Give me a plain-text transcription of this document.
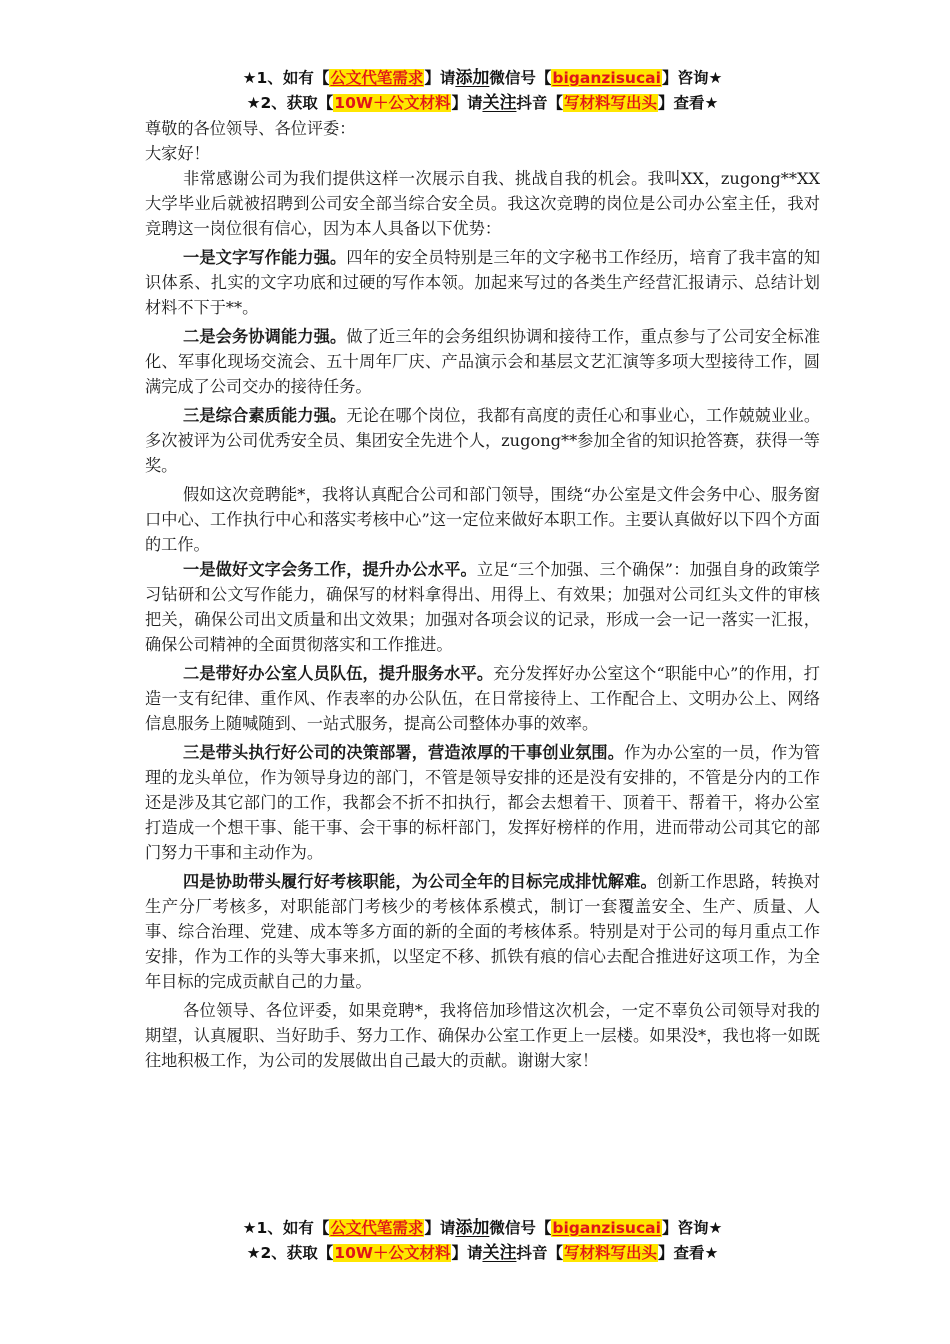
★1、如有【公文代笔需求】请添加微信号【biganzisucai】咨询★
★2、获取【10W＋公文材料】请关注抖音【写材料写出头】查看★

尊敬的各位领导、各位评委：

大家好！

非常感谢公司为我们提供这样一次展示自我、挑战自我的机会。我叫XX，zugong**XX大学毕业后就被招聘到公司安全部当综合安全员。我这次竞聘的岗位是公司办公室主任，我对竞聘这一岗位很有信心，因为本人具备以下优势：

一是文字写作能力强。四年的安全员特别是三年的文字秘书工作经历，培育了我丰富的知识体系、扎实的文字功底和过硬的写作本领。加起来写过的各类生产经营汇报请示、总结计划材料不下于**。

二是会务协调能力强。做了近三年的会务组织协调和接待工作，重点参与了公司安全标准化、军事化现场交流会、五十周年厂庆、产品演示会和基层文艺汇演等多项大型接待工作，圆满完成了公司交办的接待任务。

三是综合素质能力强。无论在哪个岗位，我都有高度的责任心和事业心，工作兢兢业业。多次被评为公司优秀安全员、集团安全先进个人，zugong**参加全省的知识抢答赛，获得一等奖。

假如这次竞聘能*，我将认真配合公司和部门领导，围绕“办公室是文件会务中心、服务窗口中心、工作执行中心和落实考核中心”这一定位来做好本职工作。主要认真做好以下四个方面的工作。

一是做好文字会务工作，提升办公水平。立足“三个加强、三个确保”：加强自身的政策学习钻研和公文写作能力，确保写的材料拿得出、用得上、有效果；加强对公司红头文件的审核把关，确保公司出文质量和出文效果；加强对各项会议的记录，形成一会一记一落实一汇报，确保公司精神的全面贯彻落实和工作推进。

二是带好办公室人员队伍，提升服务水平。充分发挥好办公室这个“职能中心”的作用，打造一支有纪律、重作风、作表率的办公队伍，在日常接待上、工作配合上、文明办公上、网络信息服务上随喊随到、一站式服务，提高公司整体办事的效率。

三是带头执行好公司的决策部署，营造浓厚的干事创业氛围。作为办公室的一员，作为管理的龙头单位，作为领导身边的部门，不管是领导安排的还是没有安排的，不管是分内的工作还是涉及其它部门的工作，我都会不折不扣执行，都会去想着干、顶着干、帮着干，将办公室打造成一个想干事、能干事、会干事的标杆部门，发挥好榜样的作用，进而带动公司其它的部门努力干事和主动作为。

四是协助带头履行好考核职能，为公司全年的目标完成排忧解难。创新工作思路，转换对生产分厂考核多，对职能部门考核少的考核体系模式，制订一套覆盖安全、生产、质量、人事、综合治理、党建、成本等多方面的新的全面的考核体系。特别是对于公司的每月重点工作安排，作为工作的头等大事来抓，以坚定不移、抓铁有痕的信心去配合推进好这项工作，为全年目标的完成贡献自己的力量。

各位领导、各位评委，如果竞聘*，我将倍加珍惜这次机会，一定不辜负公司领导对我的期望，认真履职、当好助手、努力工作、确保办公室工作更上一层楼。如果没*，我也将一如既往地积极工作，为公司的发展做出自己最大的贡献。谢谢大家！

★1、如有【公文代笔需求】请添加微信号【biganzisucai】咨询★
★2、获取【10W＋公文材料】请关注抖音【写材料写出头】查看★
